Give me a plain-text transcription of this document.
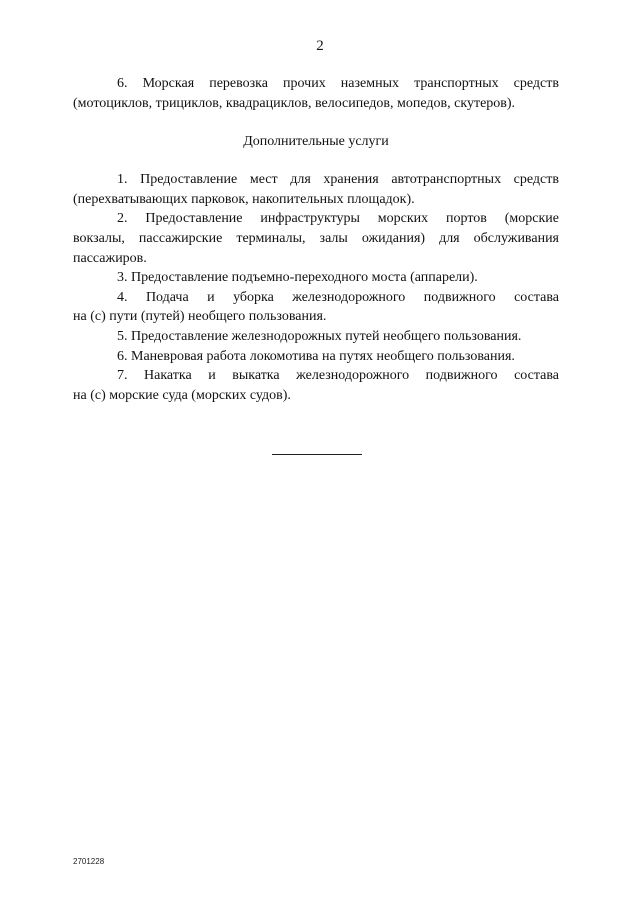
2

6. Морская перевозка прочих наземных транспортных средств
(мотоциклов, трициклов, квадрациклов, велосипедов, мопедов, скутеров).

Дополнительные услуги

1. Предоставление мест для хранения автотранспортных средств
(перехватывающих парковок, накопительных площадок).

2. Предоставление инфраструктуры морских портов (морские
вокзалы, пассажирские терминалы, залы ожидания) для обслуживания пассажиров.

3. Предоставление подъемно-переходного моста (аппарели).

4. Подача и уборка железнодорожного подвижного состава
на (с) пути (путей) необщего пользования.

5. Предоставление железнодорожных путей необщего пользования.

6. Маневровая работа локомотива на путях необщего пользования.

7. Накатка и выкатка железнодорожного подвижного состава
на (с) морские суда (морских судов).

2701228
